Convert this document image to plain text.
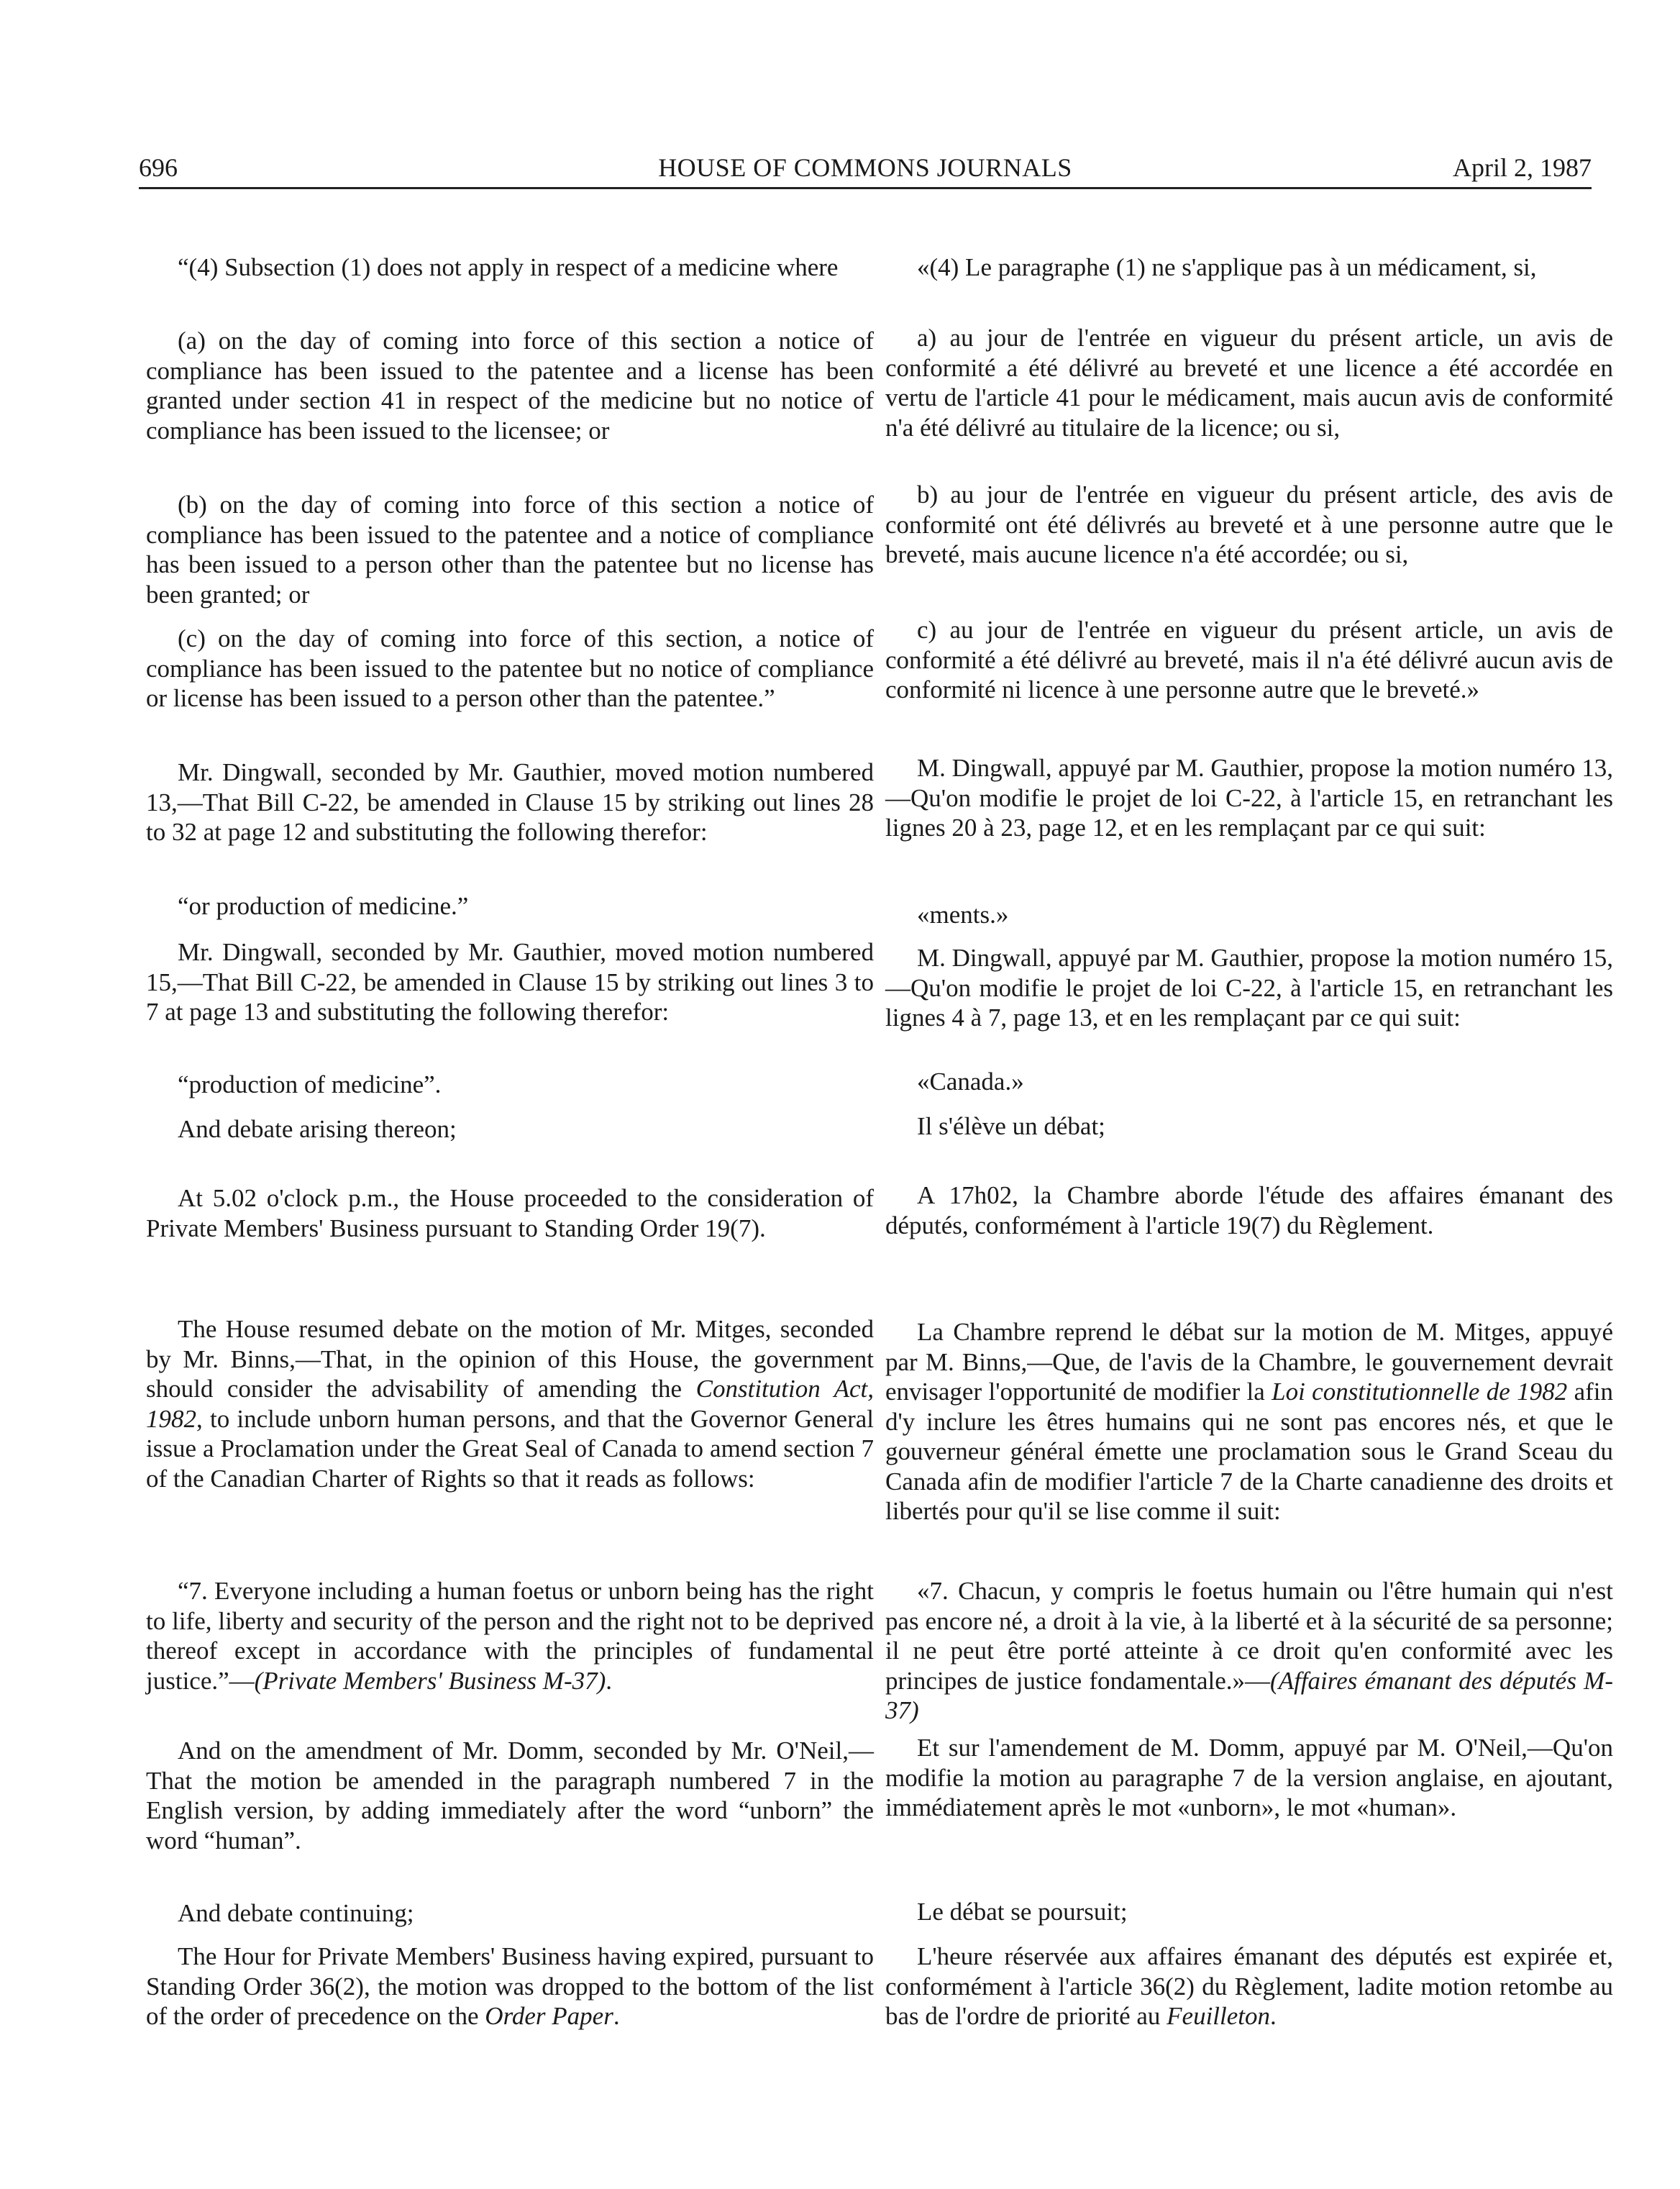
696	HOUSE OF COMMONS JOURNALS	April 2, 1987

“(4) Subsection (1) does not apply in respect of a medicine where

(a) on the day of coming into force of this section a notice of compliance has been issued to the patentee and a license has been granted under section 41 in respect of the medicine but no notice of compliance has been issued to the licensee; or

(b) on the day of coming into force of this section a notice of compliance has been issued to the patentee and a notice of compliance has been issued to a person other than the patentee but no license has been granted; or

(c) on the day of coming into force of this section, a notice of compliance has been issued to the patentee but no notice of compliance or license has been issued to a person other than the patentee.”

Mr. Dingwall, seconded by Mr. Gauthier, moved motion numbered 13,—That Bill C-22, be amended in Clause 15 by striking out lines 28 to 32 at page 12 and substituting the following therefor:

“or production of medicine.”

Mr. Dingwall, seconded by Mr. Gauthier, moved motion numbered 15,—That Bill C-22, be amended in Clause 15 by striking out lines 3 to 7 at page 13 and substituting the following therefor:

“production of medicine”.

And debate arising thereon;

At 5.02 o'clock p.m., the House proceeded to the consideration of Private Members' Business pursuant to Standing Order 19(7).

The House resumed debate on the motion of Mr. Mitges, seconded by Mr. Binns,—That, in the opinion of this House, the government should consider the advisability of amending the Constitution Act, 1982, to include unborn human persons, and that the Governor General issue a Proclamation under the Great Seal of Canada to amend section 7 of the Canadian Charter of Rights so that it reads as follows:

“7. Everyone including a human foetus or unborn being has the right to life, liberty and security of the person and the right not to be deprived thereof except in accordance with the principles of fundamental justice.”—(Private Members' Business M-37).

And on the amendment of Mr. Domm, seconded by Mr. O'Neil,—That the motion be amended in the paragraph numbered 7 in the English version, by adding immediately after the word “unborn” the word “human”.

And debate continuing;

The Hour for Private Members' Business having expired, pursuant to Standing Order 36(2), the motion was dropped to the bottom of the list of the order of precedence on the Order Paper.

«(4) Le paragraphe (1) ne s'applique pas à un médicament, si,

a) au jour de l'entrée en vigueur du présent article, un avis de conformité a été délivré au breveté et une licence a été accordée en vertu de l'article 41 pour le médicament, mais aucun avis de conformité n'a été délivré au titulaire de la licence; ou si,

b) au jour de l'entrée en vigueur du présent article, des avis de conformité ont été délivrés au breveté et à une personne autre que le breveté, mais aucune licence n'a été accordée; ou si,

c) au jour de l'entrée en vigueur du présent article, un avis de conformité a été délivré au breveté, mais il n'a été délivré aucun avis de conformité ni licence à une personne autre que le breveté.»

M. Dingwall, appuyé par M. Gauthier, propose la motion numéro 13,—Qu'on modifie le projet de loi C-22, à l'article 15, en retranchant les lignes 20 à 23, page 12, et en les remplaçant par ce qui suit:

«ments.»

M. Dingwall, appuyé par M. Gauthier, propose la motion numéro 15,—Qu'on modifie le projet de loi C-22, à l'article 15, en retranchant les lignes 4 à 7, page 13, et en les remplaçant par ce qui suit:

«Canada.»

Il s'élève un débat;

A 17h02, la Chambre aborde l'étude des affaires émanant des députés, conformément à l'article 19(7) du Règlement.

La Chambre reprend le débat sur la motion de M. Mitges, appuyé par M. Binns,—Que, de l'avis de la Chambre, le gouvernement devrait envisager l'opportunité de modifier la Loi constitutionnelle de 1982 afin d'y inclure les êtres humains qui ne sont pas encores nés, et que le gouverneur général émette une proclamation sous le Grand Sceau du Canada afin de modifier l'article 7 de la Charte canadienne des droits et libertés pour qu'il se lise comme il suit:

«7. Chacun, y compris le foetus humain ou l'être humain qui n'est pas encore né, a droit à la vie, à la liberté et à la sécurité de sa personne; il ne peut être porté atteinte à ce droit qu'en conformité avec les principes de justice fondamentale.»—(Affaires émanant des députés M-37)

Et sur l'amendement de M. Domm, appuyé par M. O'Neil,—Qu'on modifie la motion au paragraphe 7 de la version anglaise, en ajoutant, immédiatement après le mot «unborn», le mot «human».

Le débat se poursuit;

L'heure réservée aux affaires émanant des députés est expirée et, conformément à l'article 36(2) du Règlement, ladite motion retombe au bas de l'ordre de priorité au Feuilleton.
